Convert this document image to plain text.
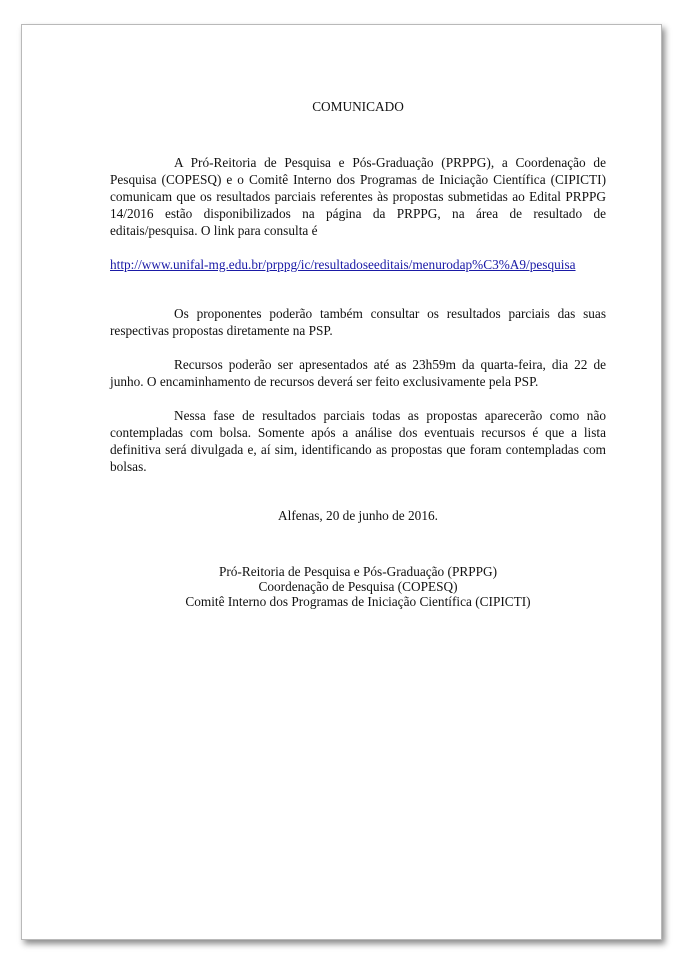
COMUNICADO

A Pró-Reitoria de Pesquisa e Pós-Graduação (PRPPG), a Coordenação de Pesquisa (COPESQ) e o Comitê Interno dos Programas de Iniciação Científica (CIPICTI) comunicam que os resultados parciais referentes às propostas submetidas ao Edital PRPPG 14/2016 estão disponibilizados na página da PRPPG, na área de resultado de editais/pesquisa. O link para consulta é

http://www.unifal-mg.edu.br/prppg/ic/resultadoseeditais/menurodap%C3%A9/pesquisa

Os proponentes poderão também consultar os resultados parciais das suas respectivas propostas diretamente na PSP.

Recursos poderão ser apresentados até as 23h59m da quarta-feira, dia 22 de junho. O encaminhamento de recursos deverá ser feito exclusivamente pela PSP.

Nessa fase de resultados parciais todas as propostas aparecerão como não contempladas com bolsa. Somente após a análise dos eventuais recursos é que a lista definitiva será divulgada e, aí sim, identificando as propostas que foram contempladas com bolsas.

Alfenas, 20 de junho de 2016.

Pró-Reitoria de Pesquisa e Pós-Graduação (PRPPG)
Coordenação de Pesquisa (COPESQ)
Comitê Interno dos Programas de Iniciação Científica (CIPICTI)
